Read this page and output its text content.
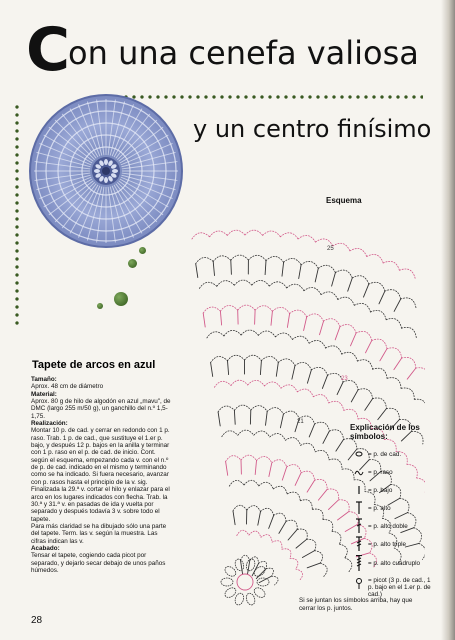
Con una cenefa valiosa
y un centro finísimo
Tapete de arcos en azul
Tamaño:

Aprox. 48 cm de diámetro

Material:

Aprox. 80 g de hilo de algodón en azul „mavu", de DMC (largo 255 m/50 g), un ganchillo del n.º 1,5-1,75.

Realización:

Montar 10 p. de cad. y cerrar en redondo con 1 p. raso. Trab. 1 p. de cad., que sustituye el 1.er p. bajo, y después 12 p. bajos en la anilla y terminar con 1 p. raso en el p. de cad. de inicio. Cont. según el esquema, empezando cada v. con el n.º de p. de cad. indicado en el mismo y terminando como se ha indicado. Si fuera necesario, avanzar con p. rasos hasta el principio de la v. sig.

Finalizada la 29.ª v. cortar el hilo y enlazar para el arco en los lugares indicados con flecha. Trab. la 30.ª y 31.ª v. en pasadas de ida y vuelta por separado y después todavía 3 v. sobre todo el tapete.

Para más claridad se ha dibujado sólo una parte del tapete. Term. las v. según la muestra. Las cifras indican las v.

Acabado:

Tensar el tapete, cogiendo cada picot por separado, y dejarlo secar debajo de unos paños húmedos.

28
Esquema
21
23
25
Explicación de los símbolos:
= p. de cad.
= p. raso
= p. bajo
= p. alto
= p. alto doble
= p. alto triple
= p. alto cuádruplo
= picot (3 p. de cad., 1 p. bajo en el 1.er p. de cad.)
Si se juntan los símbolos arriba, hay que cerrar los p. juntos.
